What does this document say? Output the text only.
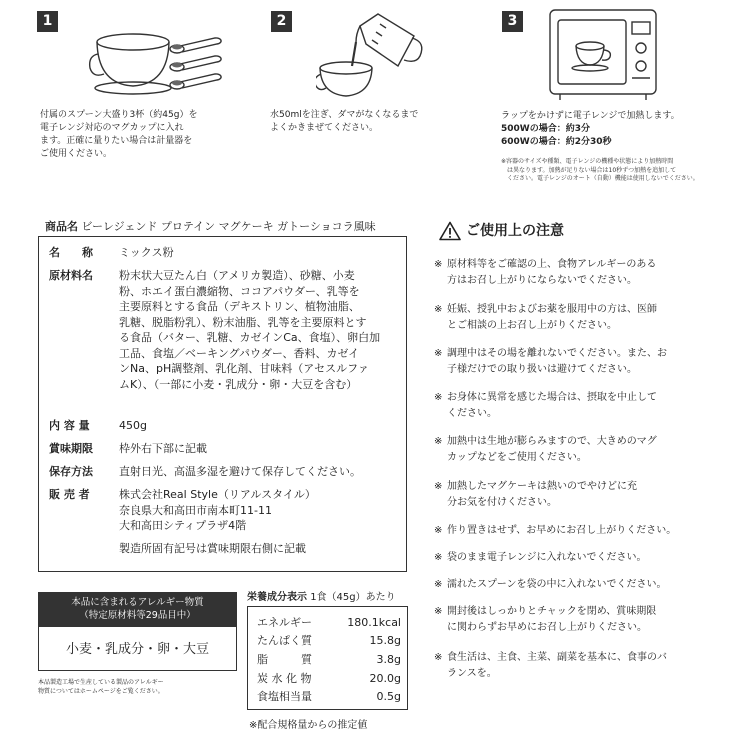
1
付属のスプーン大盛り3杯（約45g）を
電子レンジ対応のマグカップに入れ
ます。正確に量りたい場合は計量器を
ご使用ください。
2
水50mlを注ぎ、ダマがなくなるまで
よくかきまぜてください。
3
ラップをかけずに電子レンジで加熱します。
500Wの場合：約3分
600Wの場合：約2分30秒
※容器のサイズや種類、電子レンジの機種や状態により加熱時間
は異なります。加熱が足りない場合は10秒ずつ加熱を追加して
ください。電子レンジのオート（自動）機能は使用しないでください。
商品名 ビーレジェンド プロテイン マグケーキ ガトーショコラ風味
名　　称	ミックス粉
原材料名	粉末状大豆たん白（アメリカ製造）、砂糖、小麦
粉、ホエイ蛋白濃縮物、ココアパウダー、乳等を
主要原料とする食品（デキストリン、植物油脂、
乳糖、脱脂粉乳）、粉末油脂、乳等を主要原料とす
る食品（バター、乳糖、カゼインCa、食塩）、卵白加
工品、食塩／ベーキングパウダー、香料、カゼイ
ンNa、pH調整剤、乳化剤、甘味料（アセスルファ
ムK）、（一部に小麦・乳成分・卵・大豆を含む）
内 容 量	450g
賞味期限	枠外右下部に記載
保存方法	直射日光、高温多湿を避けて保存してください。
販 売 者	株式会社Real Style（リアルスタイル）
奈良県大和高田市南本町11-11
大和高田シティプラザ4階
製造所固有記号は賞味期限右側に記載
本品に含まれるアレルギー物質
（特定原材料等29品目中）
小麦・乳成分・卵・大豆
本品製造工場で生産している製品のアレルギー
物質についてはホームページをご覧ください。
栄養成分表示 1食（45g）あたり
エネルギー	180.1kcal
たんぱく質	15.8g
脂　　　質	3.8g
炭 水 化 物	20.0g
食塩相当量	0.5g
※配合規格量からの推定値
ご使用上の注意
※ 原材料等をご確認の上、食物アレルギーのある
方はお召し上がりにならないでください。
※ 妊娠、授乳中およびお薬を服用中の方は、医師
とご相談の上お召し上がりください。
※ 調理中はその場を離れないでください。また、お
子様だけでの取り扱いは避けてください。
※ お身体に異常を感じた場合は、摂取を中止して
ください。
※ 加熱中は生地が膨らみますので、大きめのマグ
カップなどをご使用ください。
※ 加熱したマグケーキは熱いのでやけどに充
分お気を付けください。
※ 作り置きはせず、お早めにお召し上がりください。
※ 袋のまま電子レンジに入れないでください。
※ 濡れたスプーンを袋の中に入れないでください。
※ 開封後はしっかりとチャックを閉め、賞味期限
に関わらずお早めにお召し上がりください。
※ 食生活は、主食、主菜、副菜を基本に、食事のバ
ランスを。
